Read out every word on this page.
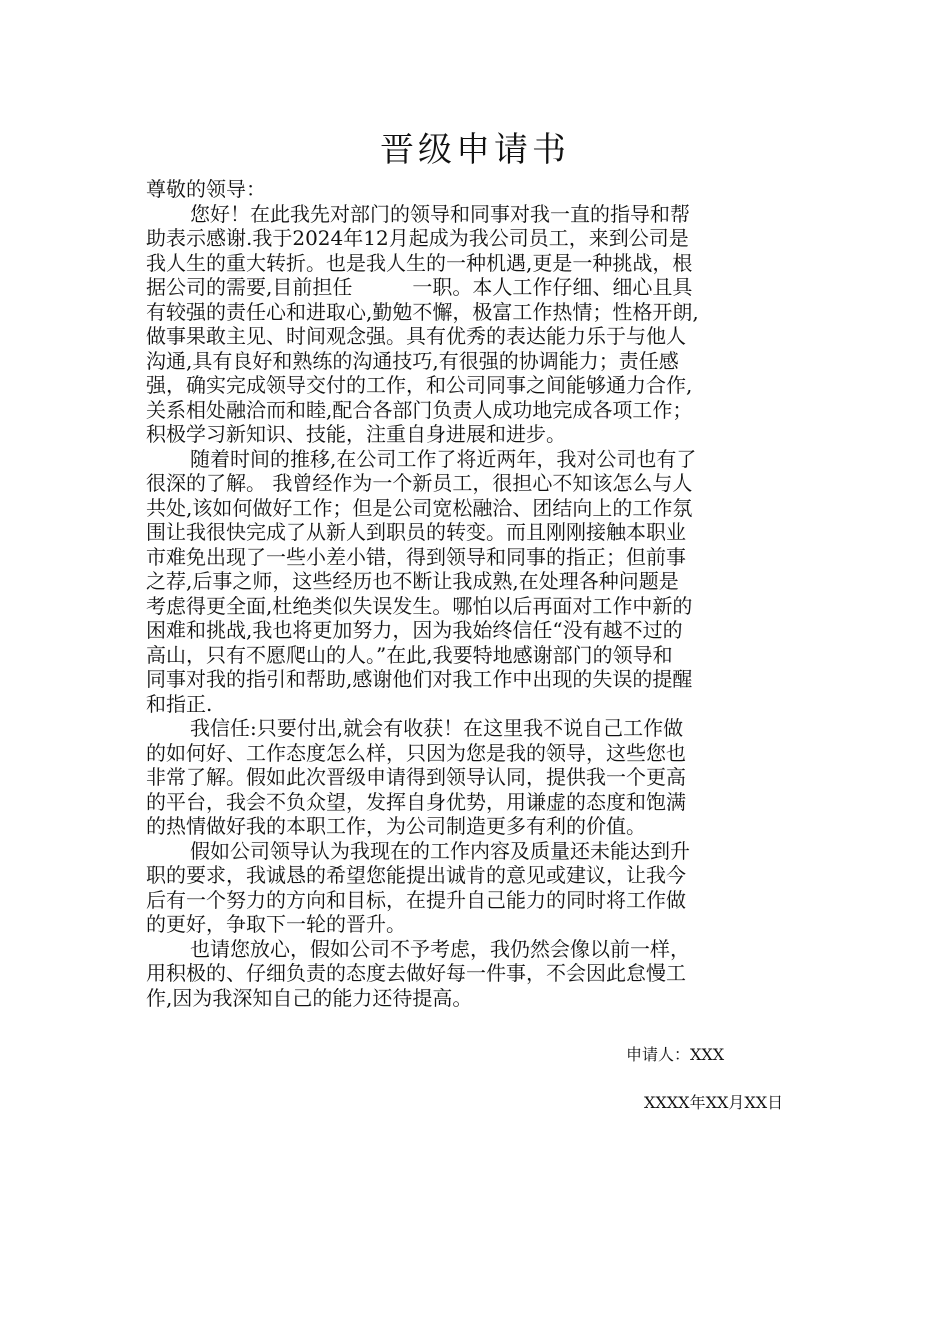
晋级申请书
尊敬的领导：
您好！在此我先对部门的领导和同事对我一直的指导和帮
助表示感谢.我于2024年12月起成为我公司员工，来到公司是
我人生的重大转折。也是我人生的一种机遇,更是一种挑战，根
据公司的需要,目前担任　　　一职。本人工作仔细、细心且具
有较强的责任心和进取心,勤勉不懈，极富工作热情；性格开朗,
做事果敢主见、时间观念强。具有优秀的表达能力乐于与他人
沟通,具有良好和熟练的沟通技巧,有很强的协调能力；责任感
强，确实完成领导交付的工作，和公司同事之间能够通力合作,
关系相处融洽而和睦,配合各部门负责人成功地完成各项工作；
积极学习新知识、技能，注重自身进展和进步。
随着时间的推移,在公司工作了将近两年，我对公司也有了
很深的了解。 我曾经作为一个新员工，很担心不知该怎么与人
共处,该如何做好工作；但是公司宽松融洽、团结向上的工作氛
围让我很快完成了从新人到职员的转变。而且刚刚接触本职业
市难免出现了一些小差小错，得到领导和同事的指正；但前事
之荐,后事之师，这些经历也不断让我成熟,在处理各种问题是
考虑得更全面,杜绝类似失误发生。哪怕以后再面对工作中新的
困难和挑战,我也将更加努力，因为我始终信任“没有越不过的
高山，只有不愿爬山的人。”在此,我要特地感谢部门的领导和
同事对我的指引和帮助,感谢他们对我工作中出现的失误的提醒
和指正.
我信任:只要付出,就会有收获！在这里我不说自己工作做
的如何好、工作态度怎么样，只因为您是我的领导，这些您也
非常了解。假如此次晋级申请得到领导认同，提供我一个更高
的平台，我会不负众望，发挥自身优势，用谦虚的态度和饱满
的热情做好我的本职工作，为公司制造更多有利的价值。
假如公司领导认为我现在的工作内容及质量还未能达到升
职的要求，我诚恳的希望您能提出诚肯的意见或建议，让我今
后有一个努力的方向和目标，在提升自己能力的同时将工作做
的更好，争取下一轮的晋升。
也请您放心，假如公司不予考虑，我仍然会像以前一样，
用积极的、仔细负责的态度去做好每一件事，不会因此怠慢工
作,因为我深知自己的能力还待提高。
申请人：XXX
XXXX年XX月XX日
